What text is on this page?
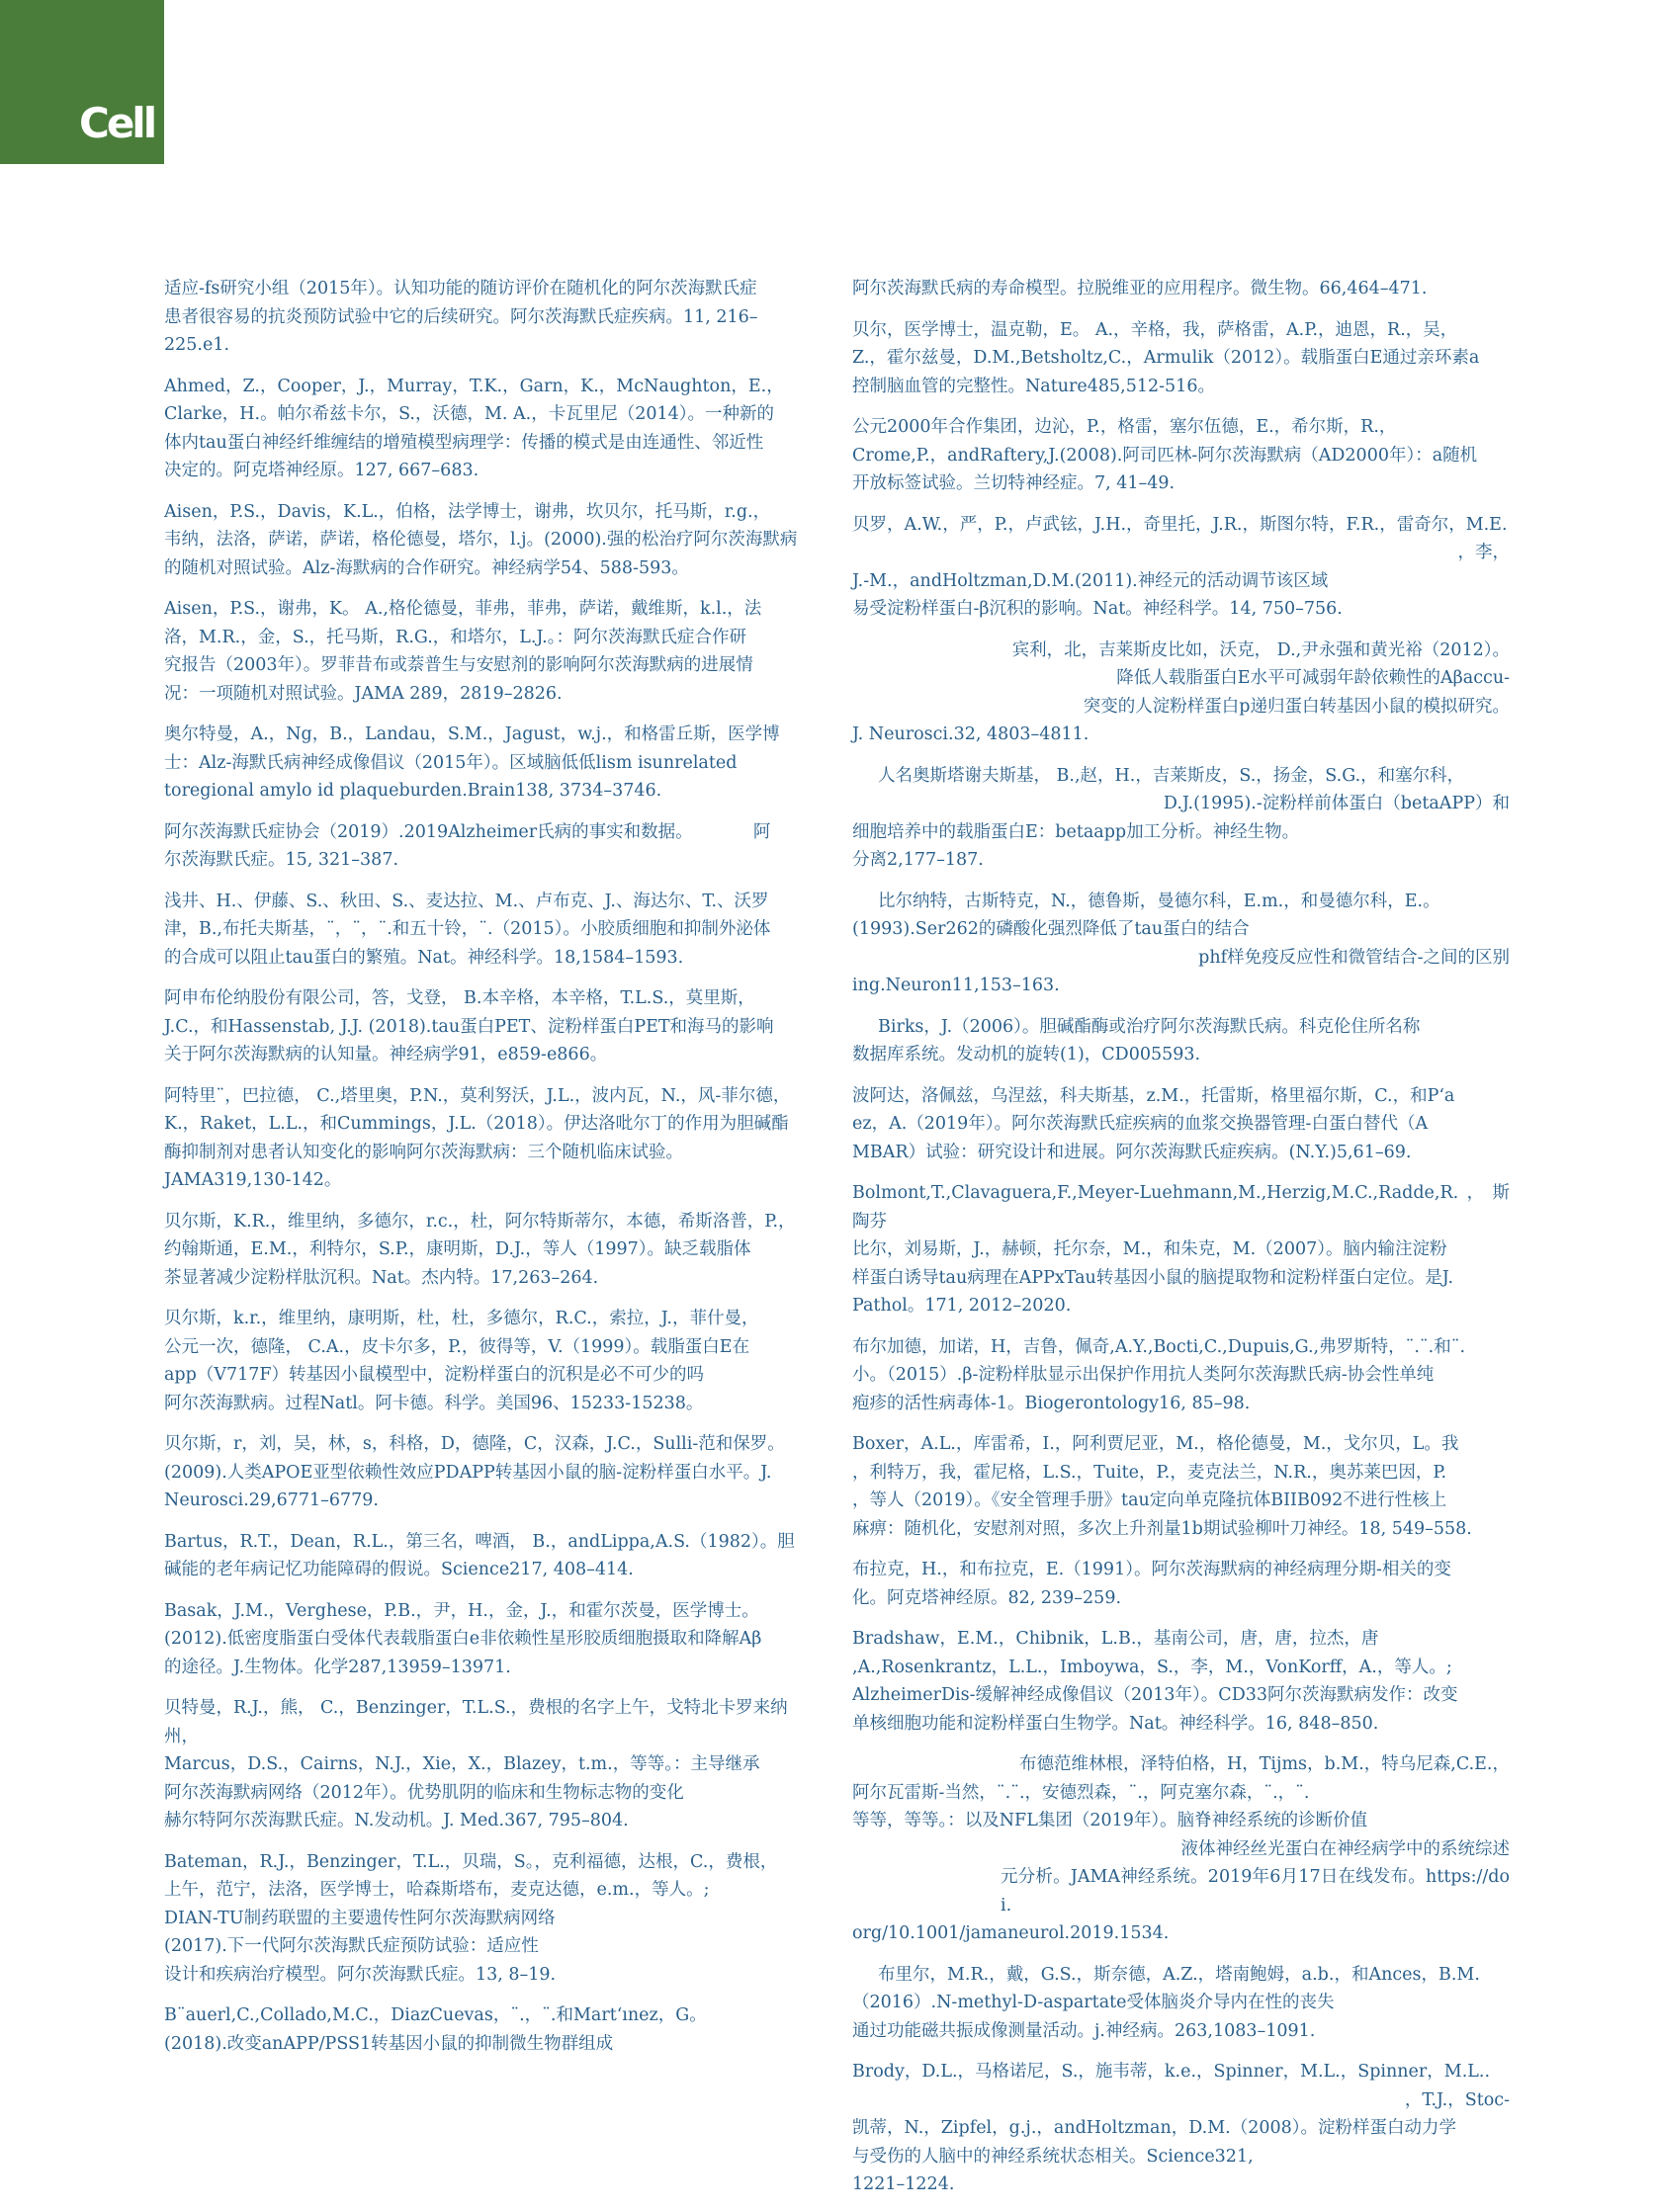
Cell

适应-fs研究小组（2015年）。认知功能的随访评价在随机化的阿尔茨海默氏症
患者很容易的抗炎预防试验中它的后续研究。阿尔茨海默氏症疾病。11, 216–
225.e1.

Ahmed，Z.，Cooper，J.，Murray，T.K.，Garn，K.，McNaughton，E.，
Clarke，H.。帕尔希兹卡尔，S.，沃德，M. A.，卡瓦里尼（2014）。一种新的
体内tau蛋白神经纤维缠结的增殖模型病理学：传播的模式是由连通性、邻近性
决定的。阿克塔神经原。127, 667–683.

Aisen，P.S.，Davis，K.L.，伯格，法学博士，谢弗，坎贝尔，托马斯，r.g.，
韦纳，法洛，萨诺，萨诺，格伦德曼，塔尔，l.j。(2000).强的松治疗阿尔茨海默病
的随机对照试验。Alz-海默病的合作研究。神经病学54、588-593。

Aisen，P.S.，谢弗，K。 A.,格伦德曼，菲弗，菲弗，萨诺，戴维斯，k.l.，法
洛，M.R.，金，S.，托马斯，R.G.，和塔尔，L.J.。：阿尔茨海默氏症合作研
究报告（2003年）。罗菲昔布或萘普生与安慰剂的影响阿尔茨海默病的进展情
况：一项随机对照试验。JAMA 289，2819–2826.

奥尔特曼，A.，Ng，B.，Landau，S.M.，Jagust，w.j.，和格雷丘斯，医学博
士：Alz-海默氏病神经成像倡议（2015年）。区域脑低低lism isunrelated
toregional amylo id plaqueburden.Brain138, 3734–3746.

阿尔茨海默氏症协会（2019）.2019Alzheimer氏病的事实和数据。　　　　阿
尔茨海默氏症。15, 321–387.

浅井、H.、伊藤、S.、秋田、S.、麦达拉、M.、卢布克、J.、海达尔、T.、沃罗
津，B.,布托夫斯基，¨，¨，¨.和五十铃，¨.（2015）。小胶质细胞和抑制外泌体
的合成可以阻止tau蛋白的繁殖。Nat。神经科学。18,1584–1593.

阿申布伦纳股份有限公司，答，戈登， B.本辛格，本辛格，T.L.S.，莫里斯，
J.C.，和Hassenstab, J.J. (2018).tau蛋白PET、淀粉样蛋白PET和海马的影响
关于阿尔茨海默病的认知量。神经病学91，e859-e866。

阿特里¨，巴拉德， C.,塔里奥，P.N.，莫利努沃，J.L.，波内瓦，N.，风-菲尔德，
K.，Raket，L.L.，和Cummings，J.L.（2018）。伊达洛吡尔丁的作用为胆碱酯
酶抑制剂对患者认知变化的影响阿尔茨海默病：三个随机临床试验。
JAMA319,130-142。

贝尔斯，K.R.，维里纳，多德尔，r.c.，杜，阿尔特斯蒂尔，本德，希斯洛普，P.，
约翰斯通，E.M.，利特尔，S.P.，康明斯，D.J.，等人（1997）。缺乏载脂体
茶显著减少淀粉样肽沉积。Nat。杰内特。17,263–264.

贝尔斯，k.r.，维里纳，康明斯，杜，杜，多德尔，R.C.，索拉，J.，菲什曼，
公元一次，德隆， C.A.，皮卡尔多，P.，彼得等，V.（1999）。载脂蛋白E在
app（V717F）转基因小鼠模型中，淀粉样蛋白的沉积是必不可少的吗
阿尔茨海默病。过程Natl。阿卡德。科学。美国96、15233-15238。

贝尔斯，r，刘，吴，林，s，科格，D，德隆，C，汉森，J.C.，Sulli-范和保罗。
(2009).人类APOE亚型依赖性效应PDAPP转基因小鼠的脑-淀粉样蛋白水平。J.
Neurosci.29,6771–6779.

Bartus，R.T.，Dean，R.L.，第三名，啤酒， B.，andLippa,A.S.（1982）。胆
碱能的老年病记忆功能障碍的假说。Science217, 408–414.

Basak，J.M.，Verghese，P.B.，尹，H.，金，J.，和霍尔茨曼，医学博士。
(2012).低密度脂蛋白受体代表载脂蛋白e非依赖性星形胶质细胞摄取和降解Aβ
的途径。J.生物体。化学287,13959–13971.

贝特曼，R.J.，熊， C.，Benzinger，T.L.S.，费根的名字上午，戈特北卡罗来纳
州，
Marcus，D.S.，Cairns，N.J.，Xie，X.，Blazey，t.m.，等等。：主导继承
阿尔茨海默病网络（2012年）。优势肌阴的临床和生物标志物的变化
赫尔特阿尔茨海默氏症。N.发动机。J. Med.367, 795–804.

Bateman，R.J.，Benzinger，T.L.，贝瑞，S。，克利福德，达根，C.，费根，
上午，范宁，法洛，医学博士，哈森斯塔布，麦克达德，e.m.，等人。;
DIAN-TU制药联盟的主要遗传性阿尔茨海默病网络
(2017).下一代阿尔茨海默氏症预防试验：适应性
设计和疾病治疗模型。阿尔茨海默氏症。13, 8–19.

B¨auerl,C.,Collado,M.C.，DiazCuevas，¨.，¨.和Mart‘ınez，G。
(2018).改变anAPP/PSS1转基因小鼠的抑制微生物群组成

阿尔茨海默氏病的寿命模型。拉脱维亚的应用程序。微生物。66,464–471.

贝尔，医学博士，温克勒，E。 A.，辛格，我，萨格雷，A.P.，迪恩，R.，吴，
Z.，霍尔兹曼，D.M.,Betsholtz,C.，Armulik（2012）。载脂蛋白E通过亲环素a
控制脑血管的完整性。Nature485,512-516。

公元2000年合作集团，边沁，P.，格雷，塞尔伍德，E.，希尔斯，R.，
Crome,P.，andRaftery,J.(2008).阿司匹林-阿尔茨海默病（AD2000年）：a随机
开放标签试验。兰切特神经症。7, 41–49.

贝罗，A.W.，严，P.，卢武铉，J.H.，奇里托，J.R.，斯图尔特，F.R.，雷奇尔，M.E.
，李，
J.-M.，andHoltzman,D.M.(2011).神经元的活动调节该区域
易受淀粉样蛋白-β沉积的影响。Nat。神经科学。14, 750–756.

宾利，北，吉莱斯皮比如，沃克， D.,尹永强和黄光裕（2012）。
降低人载脂蛋白E水平可减弱年龄依赖性的Aβaccu-
突变的人淀粉样蛋白p递归蛋白转基因小鼠的模拟研究。
J. Neurosci.32, 4803–4811.

人名奥斯塔谢夫斯基， B.,赵，H.，吉莱斯皮，S.，扬金，S.G.，和塞尔科，
D.J.(1995).-淀粉样前体蛋白（betaAPP）和
细胞培养中的载脂蛋白E：betaapp加工分析。神经生物。
分离2,177–187.

比尔纳特，古斯特克，N.，德鲁斯，曼德尔科，E.m.，和曼德尔科，E.。
(1993).Ser262的磷酸化强烈降低了tau蛋白的结合
phf样免疫反应性和微管结合-之间的区别
ing.Neuron11,153–163.

Birks，J.（2006）。胆碱酯酶或治疗阿尔茨海默氏病。科克伦住所名称
数据库系统。发动机的旋转(1)，CD005593.

波阿达，洛佩兹，乌涅兹，科夫斯基，z.M.，托雷斯，格里福尔斯，C.，和P‘a
ez，A.（2019年）。阿尔茨海默氏症疾病的血浆交换器管理-白蛋白替代（A
MBAR）试验：研究设计和进展。阿尔茨海默氏症疾病。(N.Y.)5,61–69.

Bolmont,T.,Clavaguera,F.,Meyer-Luehmann,M.,Herzig,M.C.,Radde,R.，斯陶芬
比尔，刘易斯，J.，赫顿，托尔奈，M.，和朱克，M.（2007）。脑内输注淀粉
样蛋白诱导tau病理在APPxTau转基因小鼠的脑提取物和淀粉样蛋白定位。是J.
Pathol。171, 2012–2020.

布尔加德，加诺，H，吉鲁，佩奇,A.Y.,Bocti,C.,Dupuis,G.,弗罗斯特，¨.¨.和¨.
小。（2015）.β-淀粉样肽显示出保护作用抗人类阿尔茨海默氏病-协会性单纯
疱疹的活性病毒体-1。Biogerontology16, 85–98.

Boxer，A.L.，库雷希，I.，阿利贾尼亚，M.，格伦德曼，M.，戈尔贝，L。我
，利特万，我，霍尼格，L.S.，Tuite，P.，麦克法兰，N.R.，奥苏莱巴因，P.
，等人（2019）。《安全管理手册》tau定向单克隆抗体BIIB092不进行性核上
麻痹：随机化，安慰剂对照，多次上升剂量1b期试验柳叶刀神经。18, 549–558.

布拉克，H.，和布拉克，E.（1991）。阿尔茨海默病的神经病理分期-相关的变
化。阿克塔神经原。82, 239–259.

Bradshaw，E.M.，Chibnik，L.B.，基南公司，唐，唐，拉杰，唐
,A.,Rosenkrantz，L.L.，Imboywa，S.，李，M.，VonKorff，A.，等人。;
AlzheimerDis-缓解神经成像倡议（2013年）。CD33阿尔茨海默病发作：改变
单核细胞功能和淀粉样蛋白生物学。Nat。神经科学。16, 848–850.

布德范维林根，泽特伯格，H，Tijms，b.M.，特乌尼森,C.E.，
阿尔瓦雷斯-当然，¨.¨.，安德烈森，¨.，阿克塞尔森，¨.，¨.
等等，等等。：以及NFL集团（2019年）。脑脊神经系统的诊断价值
液体神经丝光蛋白在神经病学中的系统综述
元分析。JAMA神经系统。2019年6月17日在线发布。https://doi.
org/10.1001/jamaneurol.2019.1534.

布里尔，M.R.，戴，G.S.，斯奈德，A.Z.，塔南鲍姆，a.b.，和Ances，B.M.
（2016）.N-methyl-D-aspartate受体脑炎介导内在性的丧失
通过功能磁共振成像测量活动。j.神经病。263,1083–1091.

Brody，D.L.，马格诺尼，S.，施韦蒂，k.e.，Spinner，M.L.，Spinner，M.L..
，T.J.，Stoc-
凯蒂，N.，Zipfel，g.j.，andHoltzman，D.M.（2008）。淀粉样蛋白动力学
与受伤的人脑中的神经系统状态相关。Science321,
1221–1224.
